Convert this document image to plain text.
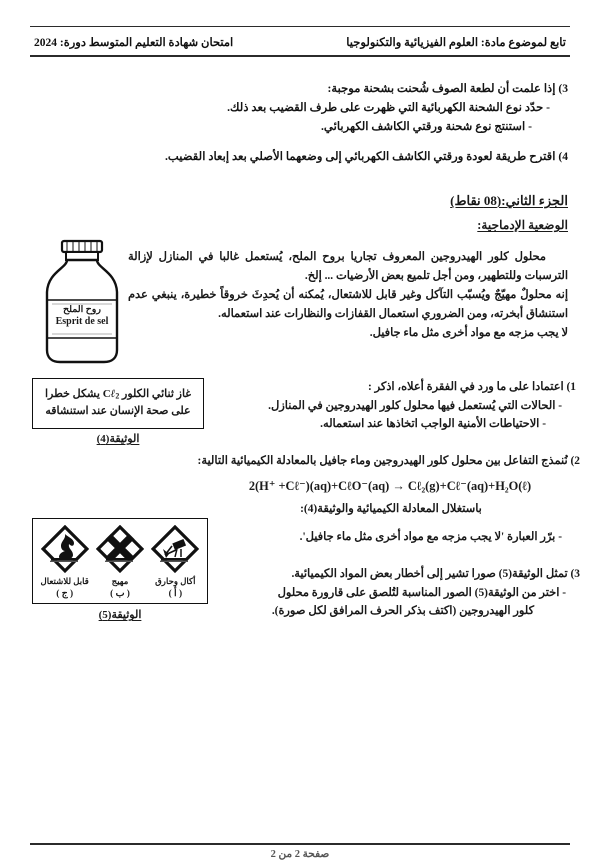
تابع لموضوع مادة: العلوم الفيزيائية والتكنولوجيا
امتحان شهادة التعليم المتوسط دورة: 2024
3) إذا علمت أن لطعة الصوف شُحنت بشحنة موجبة:
- حدّد نوع الشحنة الكهربائية التي ظهرت على طرف القضيب بعد ذلك.
- استنتج نوع شحنة ورقتي الكاشف الكهربائي.
4) اقترح طريقة لعودة ورقتي الكاشف الكهربائي إلى وضعهما الأصلي بعد إبعاد القضيب.
الجزء الثاني:(08 نقاط)
الوضعية الإدماجية:
روح الملح
Esprit de sel

محلول كلور الهيدروجين المعروف تجاريا بروح الملح، يُستعمل غالبا في المنازل لإزالة الترسبات وللتطهير، ومن أجل تلميع بعض الأرضيات ... إلخ.

إنه محلولٌ مهيّجٌ ويُسبّب التآكل وغير قابل للاشتعال، يُمكنه أن يُحدِثَ خروقاً خطيرة، ينبغي عدم استنشاق أبخرته، ومن الضروري استعمال القفازات والنظارات عند استعماله.

لا يجب مزجه مع مواد أخرى مثل ماء جافيل.

غاز ثنائي الكلور Cℓ2 يشكل خطرا
على صحة الإنسان عند استنشاقه
الوثيقة(4)
1) اعتمادا على ما ورد في الفقرة أعلاه، اذكر :
- الحالات التي يُستعمل فيها محلول كلور الهيدروجين في المنازل.
- الاحتياطات الأمنية الواجب اتخاذها عند استعماله.
2) نُنمذج التفاعل بين محلول كلور الهيدروجين وماء جافيل بالمعادلة الكيميائية التالية:
2(H⁺ +Cℓ⁻)(aq)+CℓO⁻(aq) → Cℓ₂(g)+Cℓ⁻(aq)+H₂O(ℓ)
باستغلال المعادلة الكيميائية والوثيقة(4):
- برّر العبارة 'لا يجب مزجه مع مواد أخرى مثل ماء جافيل'.
3) تمثل الوثيقة(5) صورا تشير إلى أخطار بعض المواد الكيميائية.
- اختر من الوثيقة(5) الصور المناسبة لتُلصق على قارورة محلول
كلور الهيدروجين (اكتف بذكر الحرف المرافق لكل صورة).
أكال وحارق
( أ )
مهيج
( ب )
قابل للاشتعال
( ج )
الوثيقة(5)
صفحة 2 من 2
